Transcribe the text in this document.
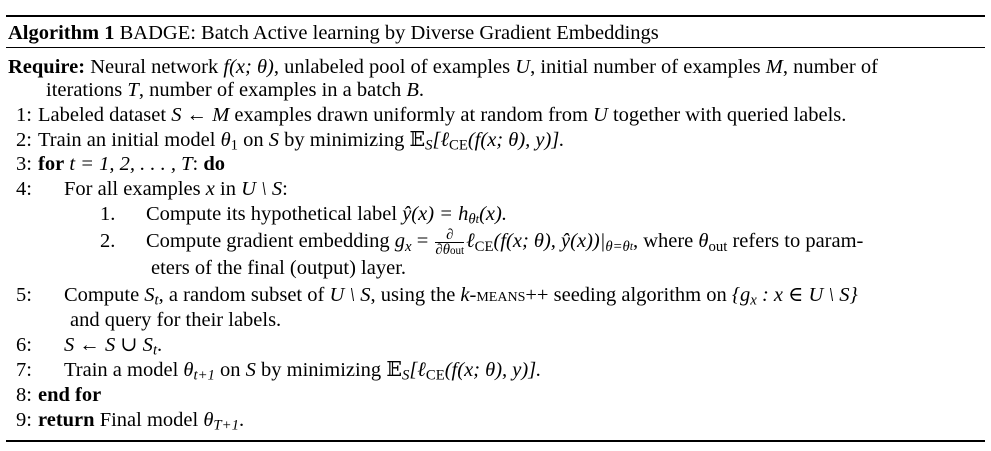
Algorithm 1 BADGE: Batch Active learning by Diverse Gradient Embeddings
Require: Neural network f(x; θ), unlabeled pool of examples U, initial number of examples M, number of
iterations T, number of examples in a batch B.
1: Labeled dataset S ← M examples drawn uniformly at random from U together with queried labels.
2: Train an initial model $\theta_1$ on S by minimizing 𝔼$_S$[ℓ$_{CE}$(f(x; θ), y)].
3: for t = 1, 2, . . . , T: do
4: For all examples x in U \ S:
1. Compute its hypothetical label ŷ(x) = $h_{\theta t}(x)$.
2. Compute gradient embedding $g_x = \frac{\partial}{\text{∂θout}}$ ℓ$_{CE}$(f(x; θ), $ŷ(x))|_{\theta=\theta t}$, where $\theta_{out}$ refers to param-
eters of the final (output) layer.
5: Compute $S_t$, a random subset of U \ S, using the k-means++ seeding algorithm on {$g_x$ : x ∈ U \ S}
and query for their labels.
6: S ← S ∪ $S_t$.
7: Train a model $\theta_{t+1}$ on S by minimizing 𝔼$_S$[ℓ$_{CE}$(f(x; θ), y)].
8: end for
9: return Final model $\theta_{T+1}$.
